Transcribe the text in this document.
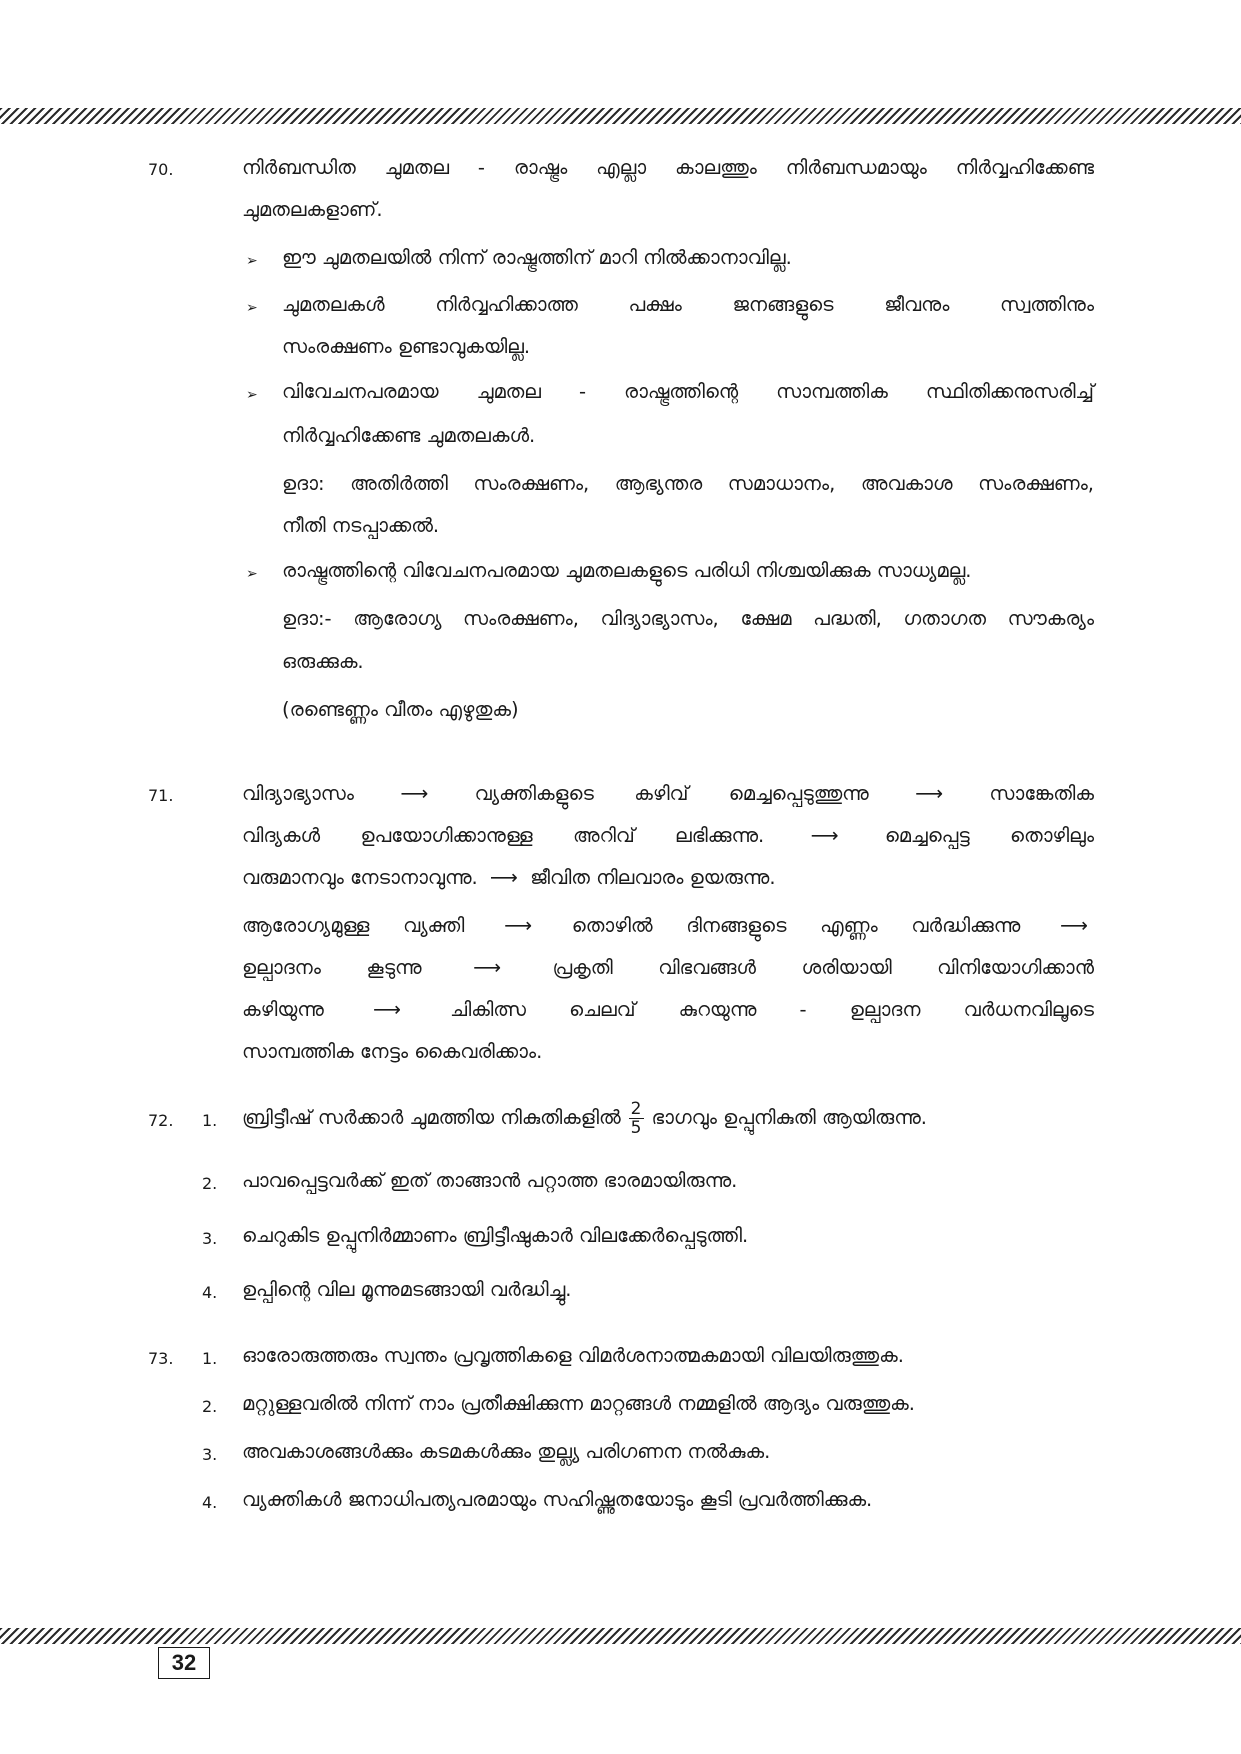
70.	നിർബന്ധിത ചുമതല - രാഷ്ട്രം എല്ലാ കാലത്തും നിർബന്ധമായും നിർവ്വഹിക്കേണ്ട
ചുമതലകളാണ്.
➢ ഈ ചുമതലയിൽ നിന്ന് രാഷ്ട്രത്തിന് മാറി നിൽക്കാനാവില്ല.
➢ ചുമതലകൾ നിർവ്വഹിക്കാത്ത പക്ഷം ജനങ്ങളുടെ ജീവനും സ്വത്തിനും
സംരക്ഷണം ഉണ്ടാവുകയില്ല.
➢ വിവേചനപരമായ ചുമതല - രാഷ്ട്രത്തിന്റെ സാമ്പത്തിക സ്ഥിതിക്കനുസരിച്ച്
നിർവ്വഹിക്കേണ്ട ചുമതലകൾ.
ഉദാ: അതിർത്തി സംരക്ഷണം, ആഭ്യന്തര സമാധാനം, അവകാശ സംരക്ഷണം,
നീതി നടപ്പാക്കൽ.
➢ രാഷ്ട്രത്തിന്റെ വിവേചനപരമായ ചുമതലകളുടെ പരിധി നിശ്ചയിക്കുക സാധ്യമല്ല.
ഉദാ:- ആരോഗ്യ സംരക്ഷണം, വിദ്യാഭ്യാസം, ക്ഷേമ പദ്ധതി, ഗതാഗത സൗകര്യം
ഒരുക്കുക.
(രണ്ടെണ്ണം വീതം എഴുതുക)
71.	വിദ്യാഭ്യാസം ⟶ വ്യക്തികളുടെ കഴിവ് മെച്ചപ്പെടുത്തുന്നു ⟶ സാങ്കേതിക
വിദ്യകൾ ഉപയോഗിക്കാനുള്ള അറിവ് ലഭിക്കുന്നു. ⟶ മെച്ചപ്പെട്ട തൊഴിലും
വരുമാനവും നേടാനാവുന്നു. ⟶ ജീവിത നിലവാരം ഉയരുന്നു.
ആരോഗ്യമുള്ള വ്യക്തി ⟶ തൊഴിൽ ദിനങ്ങളുടെ എണ്ണം വർദ്ധിക്കുന്നു ⟶
ഉല്പാദനം കൂടുന്നു	⟶	പ്രകൃതി വിഭവങ്ങൾ ശരിയായി വിനിയോഗിക്കാൻ
കഴിയുന്നു	⟶	ചികിത്സ ചെലവ് കുറയുന്നു - ഉല്പാദന വർധനവിലൂടെ
സാമ്പത്തിക നേട്ടം കൈവരിക്കാം.
72. 1. ബ്രിട്ടീഷ് സർക്കാർ ചുമത്തിയ നികുതികളിൽ $\frac{2}{5}$ ഭാഗവും ഉപ്പുനികുതി ആയിരുന്നു.
2. പാവപ്പെട്ടവർക്ക് ഇത് താങ്ങാൻ പറ്റാത്ത ഭാരമായിരുന്നു.
3. ചെറുകിട ഉപ്പുനിർമ്മാണം ബ്രിട്ടീഷുകാർ വിലക്കേർപ്പെടുത്തി.
4. ഉപ്പിന്റെ വില മൂന്നുമടങ്ങായി വർദ്ധിച്ചു.
73. 1. ഓരോരുത്തരും സ്വന്തം പ്രവൃത്തികളെ വിമർശനാത്മകമായി വിലയിരുത്തുക.
2. മറ്റുള്ളവരിൽ നിന്ന് നാം പ്രതീക്ഷിക്കുന്ന മാറ്റങ്ങൾ നമ്മളിൽ ആദ്യം വരുത്തുക.
3. അവകാശങ്ങൾക്കും കടമകൾക്കും തുല്ല്യ പരിഗണന നൽകുക.
4. വ്യക്തികൾ ജനാധിപത്യപരമായും സഹിഷ്ണുതയോടും കൂടി പ്രവർത്തിക്കുക.
32
